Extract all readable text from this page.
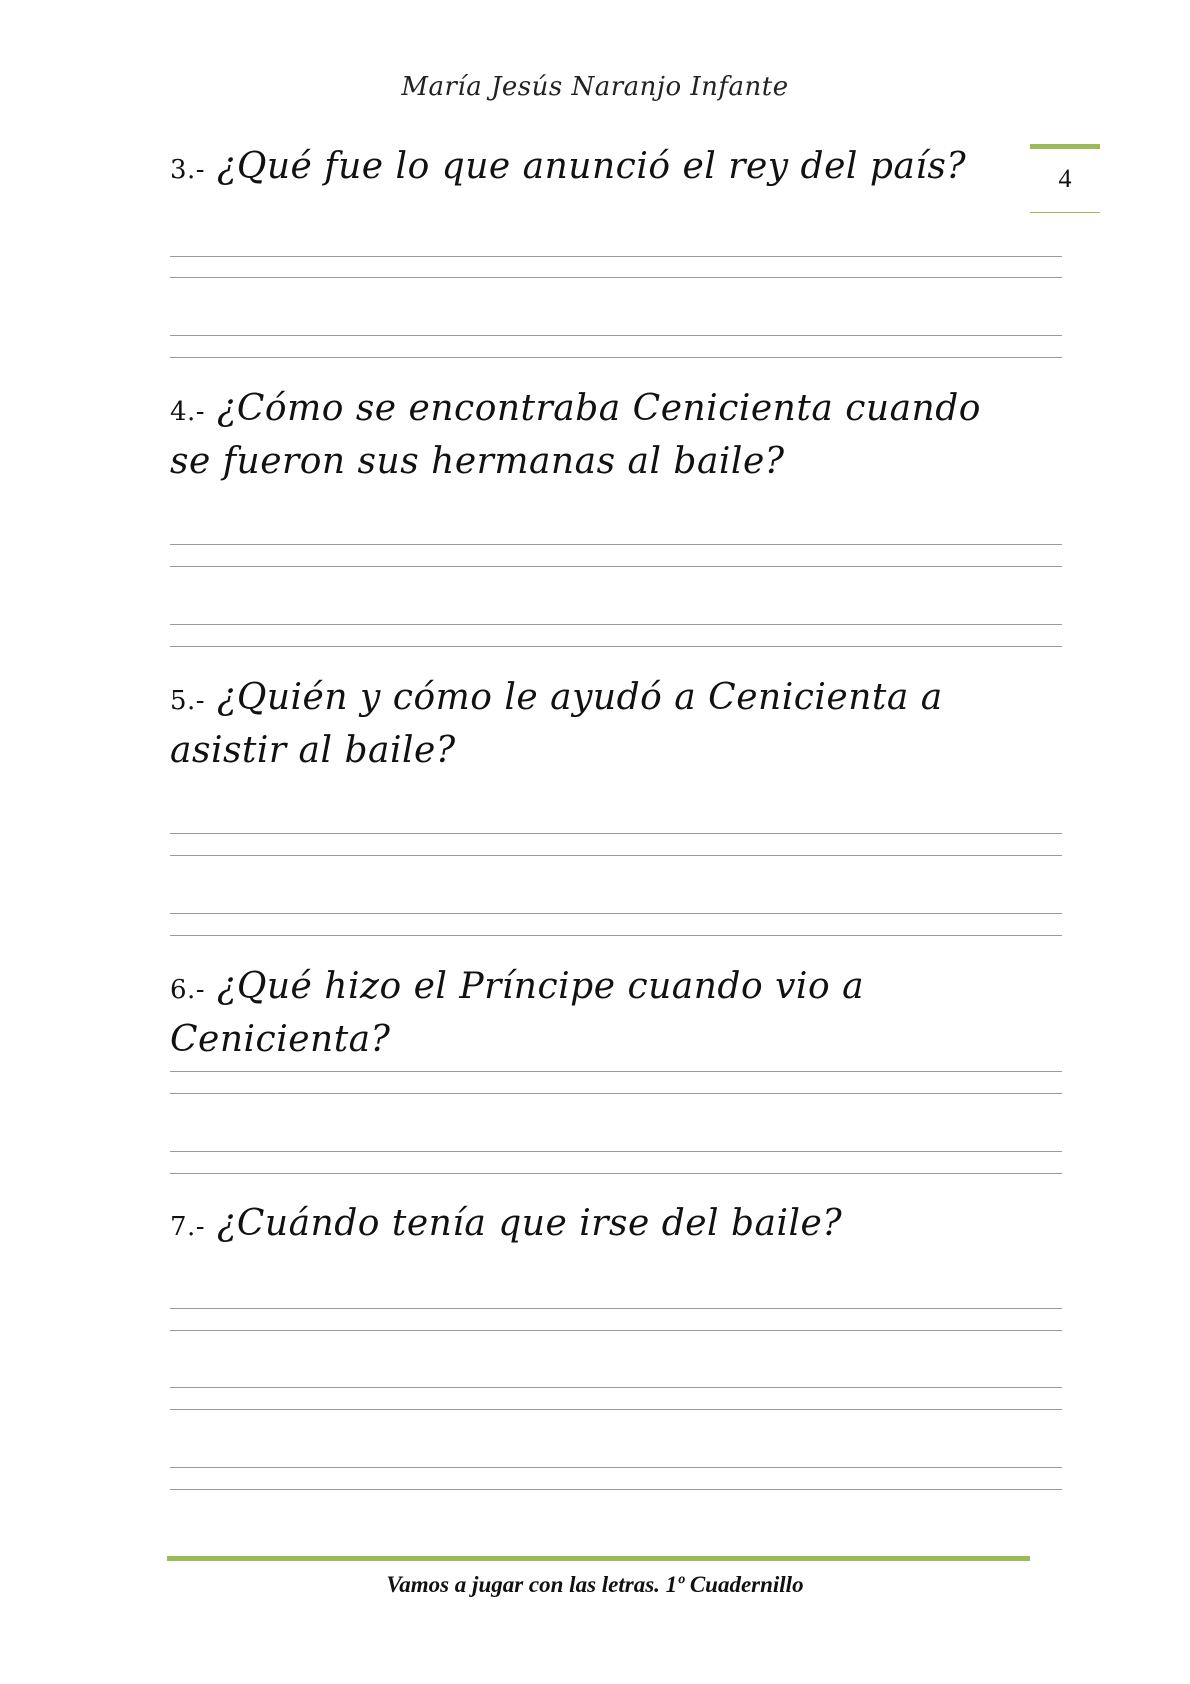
María Jesús Naranjo Infante
4
3.- ¿Qué fue lo que anunció el rey del país?
4.- ¿Cómo se encontraba Cenicienta cuando se fueron sus hermanas al baile?
5.- ¿Quién y cómo le ayudó a Cenicienta a asistir al baile?
6.- ¿Qué hizo el Príncipe cuando vio a Cenicienta?
7.- ¿Cuándo tenía que irse del baile?
Vamos a jugar con las letras. 1º Cuadernillo
